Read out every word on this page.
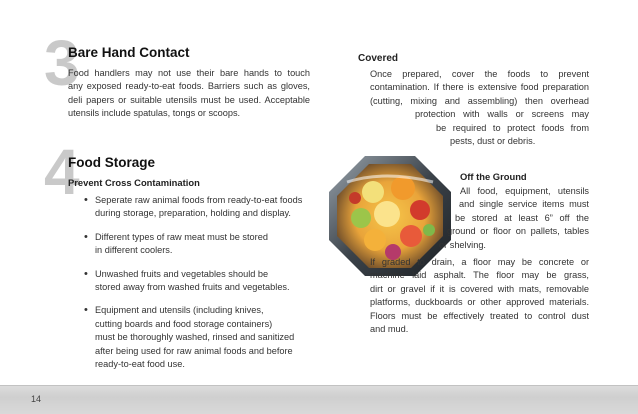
3
Bare Hand Contact
Food handlers may not use their bare hands to touch
any exposed ready-to-eat foods. Barriers such as gloves,
deli papers or suitable utensils must be used. Acceptable
utensils include spatulas, tongs or scoops.
4
Food Storage
Prevent Cross Contamination
• Seperate raw animal foods from ready-to-eat foods
during storage, preparation, holding and display.
• Different types of raw meat must be stored
in different coolers.
• Unwashed fruits and vegetables should be
stored away from washed fruits and vegetables.
• Equipment and utensils (including knives,
cutting boards and food storage containers)
must be thoroughly washed, rinsed and sanitized
after being used for raw animal foods and before
ready-to-eat food use.
Covered
Once prepared, cover the foods to prevent
contamination. If there is extensive food preparation
(cutting, mixing and assembling) then overhead
protection with walls or screens may
be required to protect foods from
pests, dust or debris.
Off the Ground
All food, equipment, utensils
and single service items must
be stored at least 6” off the
ground or floor on pallets, tables
or shelving.
If graded to drain, a floor may be concrete or
machine laid asphalt. The floor may be grass,
dirt or gravel if it is covered with mats, removable
platforms, duckboards or other approved materials.
Floors must be effectively treated to control dust
and mud.
14
